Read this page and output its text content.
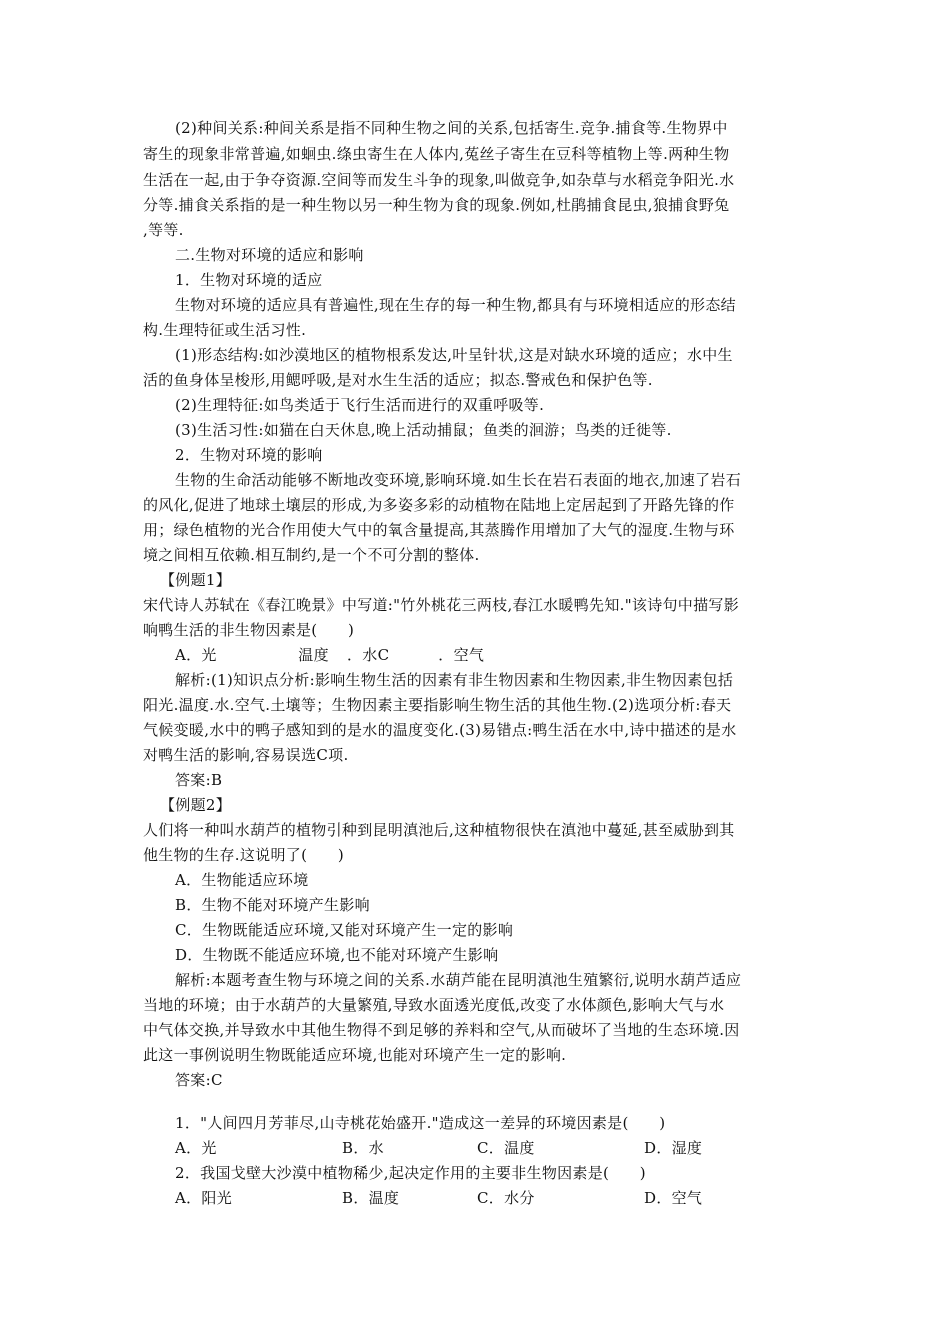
(2)种间关系:种间关系是指不同种生物之间的关系,包括寄生.竞争.捕食等.生物界中
寄生的现象非常普遍,如蛔虫.绦虫寄生在人体内,菟丝子寄生在豆科等植物上等.两种生物
生活在一起,由于争夺资源.空间等而发生斗争的现象,叫做竞争,如杂草与水稻竞争阳光.水
分等.捕食关系指的是一种生物以另一种生物为食的现象.例如,杜鹃捕食昆虫,狼捕食野兔
,等等.
二.生物对环境的适应和影响
1．生物对环境的适应
生物对环境的适应具有普遍性,现在生存的每一种生物,都具有与环境相适应的形态结
构.生理特征或生活习性.
(1)形态结构:如沙漠地区的植物根系发达,叶呈针状,这是对缺水环境的适应；水中生
活的鱼身体呈梭形,用鳃呼吸,是对水生生活的适应；拟态.警戒色和保护色等.
(2)生理特征:如鸟类适于飞行生活而进行的双重呼吸等.
(3)生活习性:如猫在白天休息,晚上活动捕鼠；鱼类的洄游；鸟类的迁徙等.
2．生物对环境的影响
生物的生命活动能够不断地改变环境,影响环境.如生长在岩石表面的地衣,加速了岩石
的风化,促进了地球土壤层的形成,为多姿多彩的动植物在陆地上定居起到了开路先锋的作
用；绿色植物的光合作用使大气中的氧含量提高,其蒸腾作用增加了大气的湿度.生物与环
境之间相互依赖.相互制约,是一个不可分割的整体.
【例题1】
宋代诗人苏轼在《春江晚景》中写道:"竹外桃花三两枝,春江水暖鸭先知."该诗句中描写影
响鸭生活的非生物因素是(　　)
A．光	　温度 ．水C　．空气
解析:(1)知识点分析:影响生物生活的因素有非生物因素和生物因素,非生物因素包括
阳光.温度.水.空气.土壤等；生物因素主要指影响生物生活的其他生物.(2)选项分析:春天
气候变暖,水中的鸭子感知到的是水的温度变化.(3)易错点:鸭生活在水中,诗中描述的是水
对鸭生活的影响,容易误选C项.
答案:B
【例题2】
人们将一种叫水葫芦的植物引种到昆明滇池后,这种植物很快在滇池中蔓延,甚至威胁到其
他生物的生存.这说明了(　　)
A．生物能适应环境
B．生物不能对环境产生影响
C．生物既能适应环境,又能对环境产生一定的影响
D．生物既不能适应环境,也不能对环境产生影响
解析:本题考查生物与环境之间的关系.水葫芦能在昆明滇池生殖繁衍,说明水葫芦适应
当地的环境；由于水葫芦的大量繁殖,导致水面透光度低,改变了水体颜色,影响大气与水
中气体交换,并导致水中其他生物得不到足够的养料和空气,从而破坏了当地的生态环境.因
此这一事例说明生物既能适应环境,也能对环境产生一定的影响.
答案:C
1．"人间四月芳菲尽,山寺桃花始盛开."造成这一差异的环境因素是(　　)
A．光	B．水	C．温度	D．湿度
2．我国戈壁大沙漠中植物稀少,起决定作用的主要非生物因素是(　　)
A．阳光	B．温度	C．水分	D．空气
